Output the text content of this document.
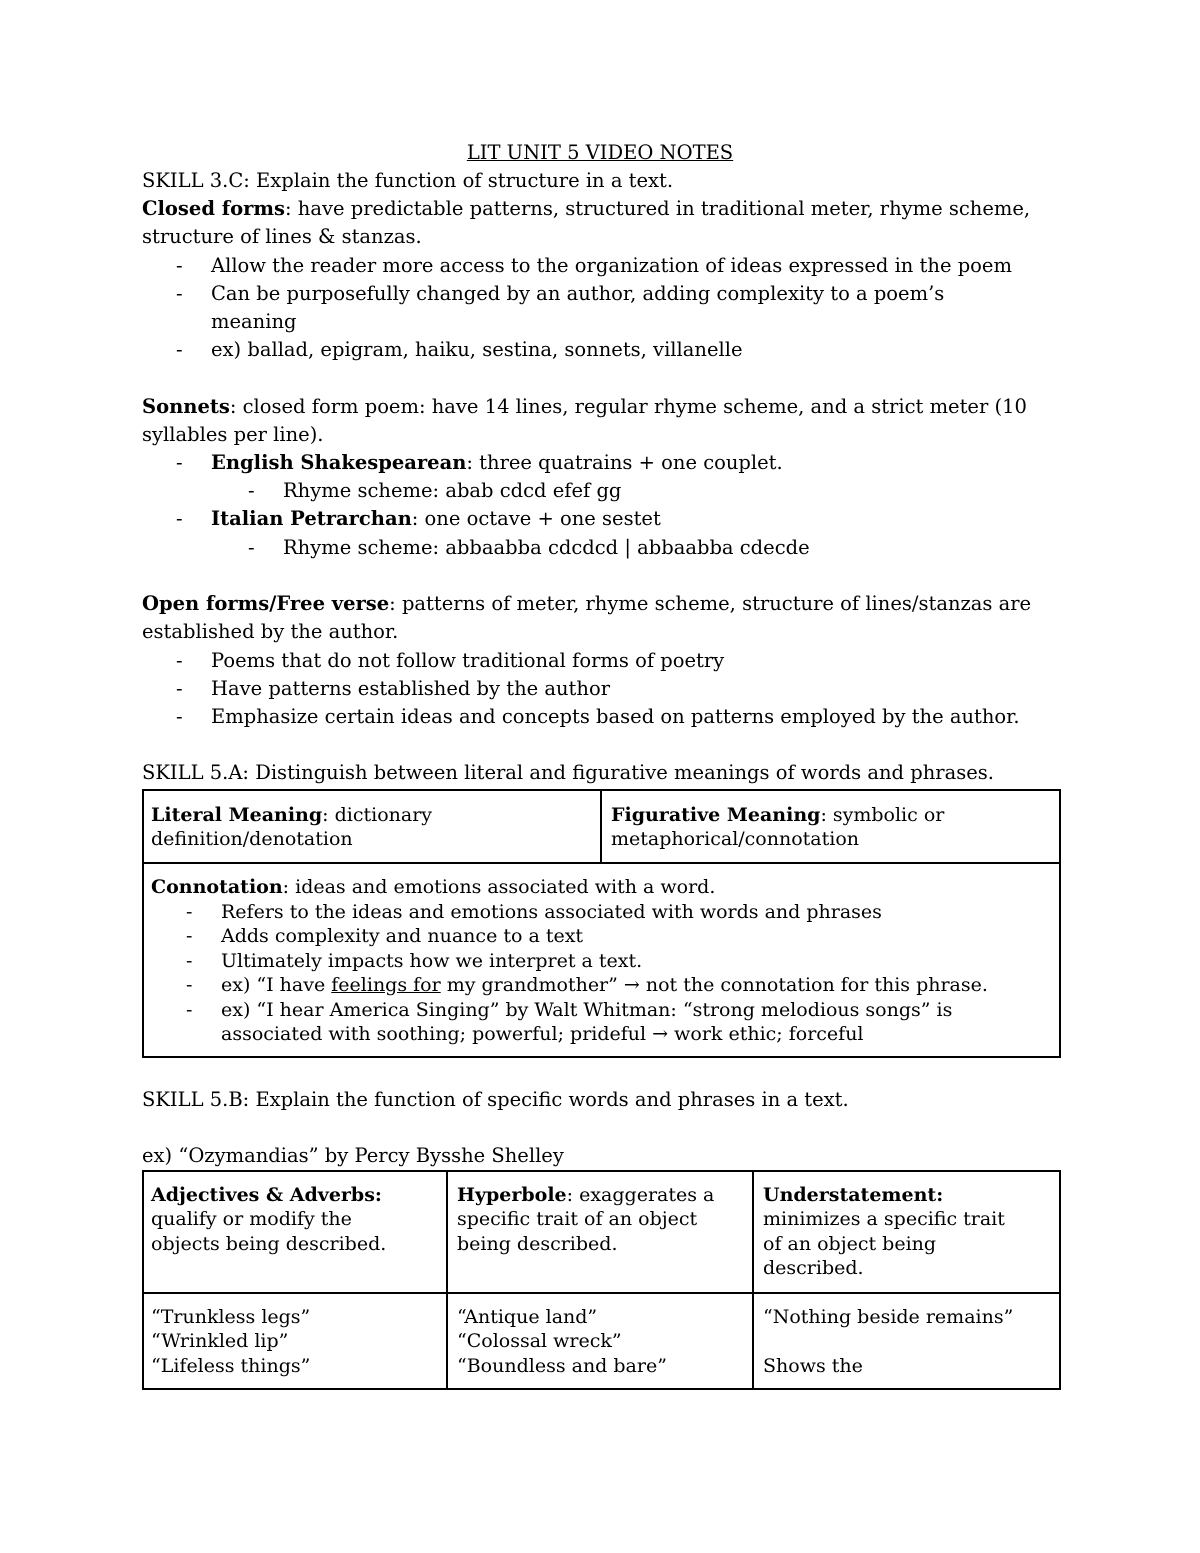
LIT UNIT 5 VIDEO NOTES
SKILL 3.C: Explain the function of structure in a text.
Closed forms: have predictable patterns, structured in traditional meter, rhyme scheme,
structure of lines & stanzas.
- Allow the reader more access to the organization of ideas expressed in the poem
- Can be purposefully changed by an author, adding complexity to a poem’s
meaning
- ex) ballad, epigram, haiku, sestina, sonnets, villanelle
Sonnets: closed form poem: have 14 lines, regular rhyme scheme, and a strict meter (10
syllables per line).
- English Shakespearean: three quatrains + one couplet.
- Rhyme scheme: abab cdcd efef gg
- Italian Petrarchan: one octave + one sestet
- Rhyme scheme: abbaabba cdcdcd | abbaabba cdecde
Open forms/Free verse: patterns of meter, rhyme scheme, structure of lines/stanzas are
established by the author.
- Poems that do not follow traditional forms of poetry
- Have patterns established by the author
- Emphasize certain ideas and concepts based on patterns employed by the author.
SKILL 5.A: Distinguish between literal and figurative meanings of words and phrases.
Literal Meaning: dictionary
definition/denotation
Figurative Meaning: symbolic or
metaphorical/connotation
Connotation: ideas and emotions associated with a word.
- Refers to the ideas and emotions associated with words and phrases
- Adds complexity and nuance to a text
- Ultimately impacts how we interpret a text.
- ex) “I have feelings for my grandmother” → not the connotation for this phrase.
- ex) “I hear America Singing” by Walt Whitman: “strong melodious songs” is
associated with soothing; powerful; prideful → work ethic; forceful
SKILL 5.B: Explain the function of specific words and phrases in a text.
ex) “Ozymandias” by Percy Bysshe Shelley
Adjectives & Adverbs:
qualify or modify the
objects being described.
Hyperbole: exaggerates a
specific trait of an object
being described.
Understatement:
minimizes a specific trait
of an object being
described.
“Trunkless legs”
“Wrinkled lip”
“Lifeless things”
“Antique land”
“Colossal wreck”
“Boundless and bare”
“Nothing beside remains”
Shows the
